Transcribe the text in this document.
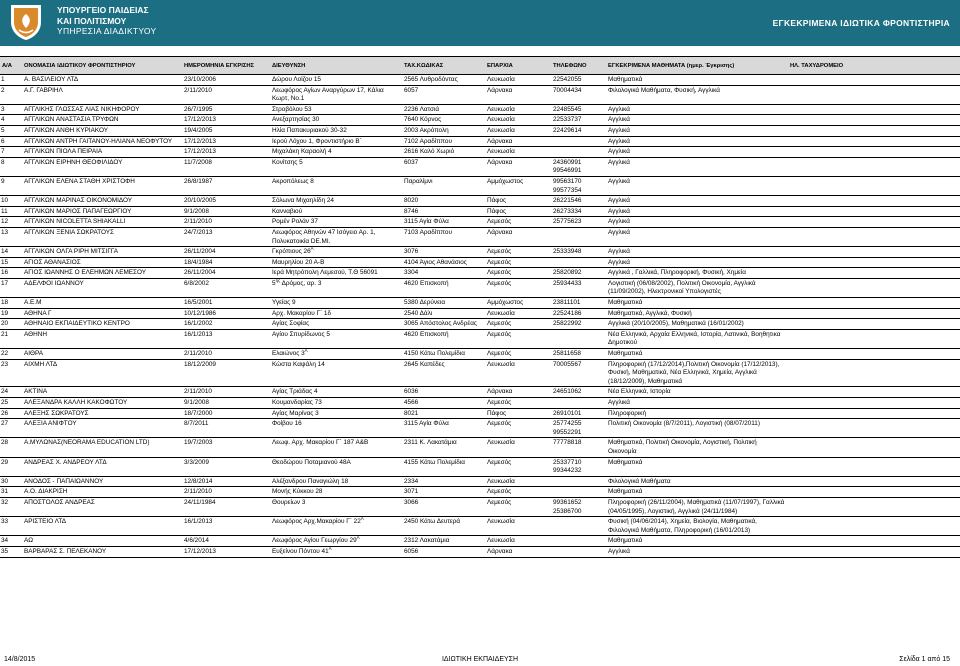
ΥΠΟΥΡΓΕΙΟ ΠΑΙΔΕΙΑΣ
ΚΑΙ ΠΟΛΙΤΙΣΜΟΥ
ΥΠΗΡΕΣΙΑ ΔΙΑΔΙΚΤΥΟΥ
ΕΓΚΕΚΡΙΜΕΝΑ ΙΔΙΩΤΙΚΑ ΦΡΟΝΤΙΣΤΗΡΙΑ
Α/Α	ΟΝΟΜΑΣΙΑ ΙΔΙΩΤΙΚΟΥ ΦΡΟΝΤΙΣΤΗΡΙΟΥ	ΗΜΕΡΟΜΗΝΙΑ ΕΓΚΡΙΣΗΣ	ΔΙΕΥΘΥΝΣΗ	ΤΑΧ.ΚΩΔΙΚΑΣ	ΕΠΑΡΧΙΑ	ΤΗΛΕΦΩΝΟ	ΕΓΚΕΚΡΙΜΕΝΑ ΜΑΘΗΜΑΤΑ (ημερ. Έγκρισης)	ΗΛ. ΤΑΧΥΔΡΟΜΕΙΟ
1	Α. ΒΑΣΙΛΕΙΟΥ ΛΤΔ	23/10/2006	Δώρου Λοϊζου 15	2565 Λυθροδόντας	Λευκωσία	22542055	Μαθηματικά	
2	Α.Γ. ΓΑΒΡΙΗΛ	2/11/2010	Λεωφόρος Αγίων Αναργύρων 17, Κάλια Κωρτ, Νο.1	6057	Λάρνακα	70004434	Φιλολογικά Μαθήματα, Φυσική, Αγγλικά	
3	ΑΓΓΛΙΚΗΣ ΓΛΩΣΣΑΣ ΛΙΑΣ ΝΙΚΗΦΟΡΟΥ	26/7/1995	Στροβόλου 53	2236 Λατσιά	Λευκωσία	22485545	Αγγλικά	
4	ΑΓΓΛΙΚΩΝ ΑΝΑΣΤΑΣΙΑ ΤΡΥΦΩΝ	17/12/2013	Ανεξαρτησίας 30	7640 Κόρνος	Λευκωσία	22533737	Αγγλικά	
5	ΑΓΓΛΙΚΩΝ ΑΝΘΗ ΚΥΡΙΑΚΟΥ	19/4/2005	Ηλία Παπακυριακού 30-32	2003 Ακρόπολη	Λευκωσία	22429614	Αγγλικά	
6	ΑΓΓΛΙΚΩΝ ΑΝΤΡΗ ΓΑΙΤΑΝΟΥ-ΗΛΙΑΝΑ ΝΕΟΦΥΤΟΥ	17/12/2013	Ιερού Λόχου 1, Φροντιστήριο Β΄	7102 Αραδίππου	Λάρνακα		Αγγλικά	
7	ΑΓΓΛΙΚΩΝ ΠΙΟΛΑ ΠΕΙΡΑΙΑ	17/12/2013	Μιχαλάκη Καραολή 4	2616 Καλό Χωριό	Λευκωσία		Αγγλικά	
8	ΑΓΓΛΙΚΩΝ ΕΙΡΗΝΗ ΘΕΟΦΙΛΙΔΟΥ	11/7/2008	Κονίτσης 5	6037	Λάρνακα	24360991 99546991	Αγγλικά	
9	ΑΓΓΛΙΚΩΝ ΕΛΕΝΑ ΣΤΑΘΗ ΧΡΙΣΤΟΦΗ	26/8/1987	Ακροπόλεως 8	Παραλίμνι	Αμμόχωστος	99563170 99577354	Αγγλικά	
10	ΑΓΓΛΙΚΩΝ ΜΑΡΙΝΑΣ ΟΙΚΟΝΟΜΙΔΟΥ	20/10/2005	Σόλωνα Μιχαηλίδη 24	8020	Πάφος	26221546	Αγγλικά	
11	ΑΓΓΛΙΚΩΝ ΜΑΡΙΟΣ ΠΑΠΑΓΕΩΡΓΙΟΥ	9/1/2008	Κανναβιού	8746	Πάφος	26273334	Αγγλικά	
12	ΑΓΓΛΙΚΩΝ NICOLETTA SHIAKALLI	2/11/2010	Ρομέν Ρολάν 37	3115 Αγία Φύλα	Λεμεσός	25775623	Αγγλικά	
13	ΑΓΓΛΙΚΩΝ ΞΕΝΙΑ ΣΩΚΡΑΤΟΥΣ	24/7/2013	Λεωφόρος Αθηνών 47 Ισόγειο Αρ. 1, Πολυκατοικία DE.MI.	7103 Αραδίππου	Λάρνακα		Αγγλικά	
14	ΑΓΓΛΙΚΩΝ ΟΛΓΑ ΡΙΡΗ ΜΙΤΣΙΓΓΑ	26/11/2004	Γκρόπιους $26^A$	3076	Λεμεσός	25333948	Αγγλικά	
15	ΑΓΙΟΣ ΑΘΑΝΑΣΙΟΣ	18/4/1984	Μαυρηλίου 20 Α-Β	4104 Άγιος Αθανάσιος	Λεμεσός		Αγγλικά	
16	ΑΓΙΟΣ ΙΩΑΝΝΗΣ Ο ΕΛΕΗΜΩΝ ΛΕΜΕΣΟΥ	26/11/2004	Ιερά Μητρόπολη Λεμεσού, Τ.Θ 56091	3304	Λεμεσός	25820892	Αγγλικά , Γαλλικά, Πληροφορική, Φυσική, Χημεία	
17	ΑΔΕΛΦΟΙ ΙΩΑΝΝΟΥ	6/8/2002	$5^{\eta\varsigma}$ Δρόμος, αρ. 3	4620 Επισκοπή	Λεμεσός	25934433	Λογιστική (06/08/2002), Πολιτική Οικονομία, Αγγλικά (11/09/2002), Ηλεκτρονικοί Υπολογιστές	
18	Α.Ε.Μ	16/5/2001	Υγείας 9	5380 Δερύνεια	Αμμόχωστος	23811101	Μαθηματικά	
19	ΑΘΗΝΑ Γ	10/12/1986	Αρχ. Μακαρίου Γ΄ 1δ	2540 Δάλι	Λευκωσία	22524186	Μαθηματικά, Αγγλικά, Φυσική	
20	ΑΘΗΝΑΙΟ ΕΚΠΑΙΔΕΥΤΙΚΟ ΚΕΝΤΡΟ	16/1/2002	Αγίας Σοφίας	3065 Απόστολος Ανδρέας	Λεμεσός	25822992	Αγγλικά (20/10/2005), Μαθηματικά (16/01/2002)	
21	ΑΘΗΝΗ	16/1/2013	Αγίου Σπυρίδωνος 5	4620 Επισκοπή	Λεμεσός		Νέα Ελληνικά, Αρχαία Ελληνικά, Ιστορία, Λατινικά, Βοηθητικα Δημοτικού	
22	ΑΙΘΡΑ	2/11/2010	Ελαιώνος $3^A$	4150 Κάτω Πολεμίδια	Λεμεσός	25811658	Μαθηματικά	
23	ΑΙΧΜΗ ΛΤΔ	18/12/2009	Κώστα Καψάλη 14	2645 Καπέδες	Λευκωσία	70005567	Πληροφορική (17/12/2014),Πολιτική Οικονομία (17/12/2013), Φυσική, Μαθηματικά, Νέα Ελληνικά, Χημεία, Αγγλικά (18/12/2009), Μαθηματικά	
24	ΑΚΤΙΝΑ	2/11/2010	Αγίας Τριάδας 4	6036	Λάρνακα	24651062	Νέα Ελληνικά, Ιστορία	
25	ΑΛΕΞΑΝΔΡΑ ΚΑΛΛΗ ΚΑΚΟΦΩΤΟΥ	9/1/2008	Κουμανδαρίας 73	4566	Λεμεσός		Αγγλικά	
26	ΑΛΕΞΗΣ ΣΩΚΡΑΤΟΥΣ	18/7/2000	Αγίας Μαρίνας 3	8021	Πάφος	26910101	Πληροφορική	
27	ΑΛΕΞΙΑ ΑΝΙΦΤΟΥ	8/7/2011	Φοίβου 16	3115 Αγία Φύλα	Λεμεσός	25774255 99552291	Πολιτική Οικονομία (8/7/2011), Λογιστική (08/07/2011)	
28	Α.ΜΥΛΩΝΑΣ(NEORAMA EDUCATION LTD)	19/7/2003	Λεωφ. Αρχ. Μακαρίου Γ΄ 187 Α&Β	2311 Κ. Λακατάμια	Λευκωσία	77778818	Μαθηματικά, Πολιτική Οικονομία, Λογιστική, Πολιτική Οικονομία	
29	ΑΝΔΡΕΑΣ Χ. ΑΝΔΡΕΟΥ ΛΤΔ	3/3/2009	Θεοδώρου Ποταμιανού 48Α	4155 Κάτω Πολεμίδια	Λεμεσός	25337710 99344232	Μαθηματικά	
30	ΑΝΟΔΟΣ - ΠΑΠΑΙΩΑΝΝΟΥ	12/8/2014	Αλέξανδρου Παναγιώλη 18	2334	Λευκωσία		Φιλολογικά Μαθήματα	
31	Α.Ο. ΔΙΑΚΡΙΣΗ	2/11/2010	Μονής Κύκκου 28	3071	Λεμεσός		Μαθηματικά	
32	ΑΠΟΣΤΟΛΟΣ ΑΝΔΡΕΑΣ	24/11/1984	Θουρείων 3	3066	Λεμεσός	99361652 25386700	Πληροφορική (26/11/2004), Μαθηματικά (11/07/1997), Γαλλικά (04/05/1995), Λογιστική, Αγγλικά (24/11/1984)	
33	ΑΡΙΣΤΕΙΟ ΛΤΔ	16/1/2013	Λεωφόρος Αρχ.Μακαρίου Γ΄ $22^A$	2450 Κάτω Δευτερά	Λευκωσία		Φυσική (04/06/2014), Χημεία, Βιολογία, Μαθηματικά, Φιλολογικά Μαθήματα, Πληροφορική (16/01/2013)	
34	ΑΩ	4/6/2014	Λεωφόρος Αγίου Γεωργίου $29^A$	2312 Λακατάμια	Λευκωσία		Μαθηματικά	
35	ΒΑΡΒΑΡΑΣ Σ. ΠΕΛΕΚΑΝΟΥ	17/12/2013	Ευξείνου Πόντου $41^A$	6056	Λάρνακα		Αγγλικά	
14/8/2015	ΙΔΙΩΤΙΚΗ ΕΚΠΑΙΔΕΥΣΗ	Σελίδα 1 από 15
